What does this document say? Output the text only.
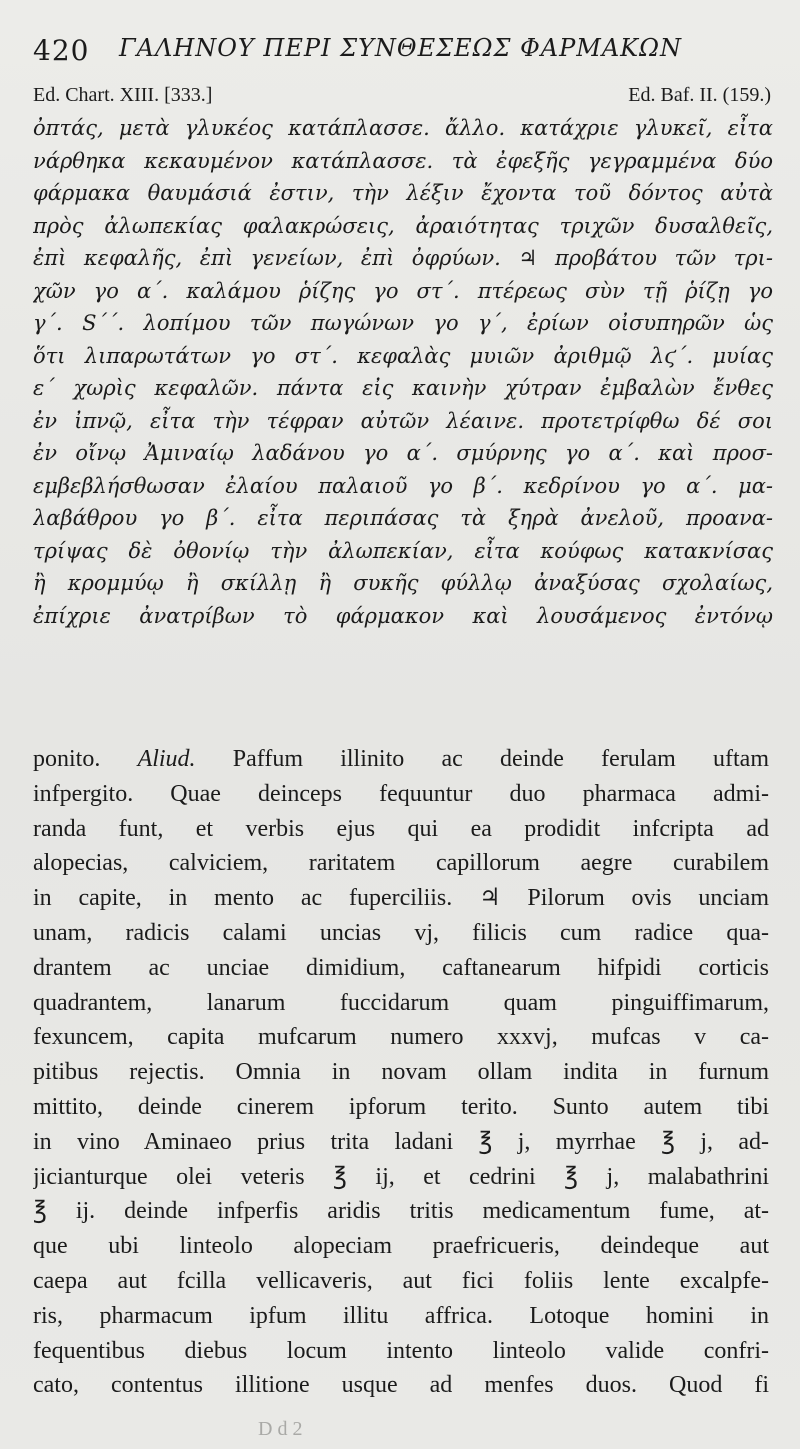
420 ΓΑΛΗΝΟΥ ΠΕΡΙ ΣΥΝΘΕΣΕΩΣ ΦΑΡΜΑΚΩΝ
Ed. Chart. XIII. [333.]	Ed. Baf. II. (159.)
ὀπτάς, μετὰ γλυκέος κατάπλασσε. ἄλλο. κατάχριε γλυκεῖ, εἶτα
νάρθηκα κεκαυμένον κατάπλασσε. τὰ ἐφεξῆς γεγραμμένα δύο
φάρμακα θαυμάσιά ἐστιν, τὴν λέξιν ἔχοντα τοῦ δόντος αὐτὰ
πρὸς ἀλωπεκίας φαλακρώσεις, ἀραιότητας τριχῶν δυσαλθεῖς,
ἐπὶ κεφαλῆς, ἐπὶ γενείων, ἐπὶ ὀφρύων. ♃ προβάτου τῶν τρι-
χῶν γο α΄. καλάμου ῥίζης γο στ΄. πτέρεως σὺν τῇ ῥίζῃ γο
γ΄. S΄΄. λοπίμου τῶν πωγώνων γο γ΄, ἐρίων οἰσυπηρῶν ὡς
ὅτι λιπαρωτάτων γο στ΄. κεφαλὰς μυιῶν ἀριθμῷ λϛ΄. μυίας
ε΄ χωρὶς κεφαλῶν. πάντα εἰς καινὴν χύτραν ἐμβαλὼν ἔνθες
ἐν ἰπνῷ, εἶτα τὴν τέφραν αὐτῶν λέαινε. προτετρίφθω δέ σοι
ἐν οἴνῳ Ἀμιναίῳ λαδάνου γο α΄. σμύρνης γο α΄. καὶ προσ-
εμβεβλήσθωσαν ἐλαίου παλαιοῦ γο β΄. κεδρίνου γο α΄. μα-
λαβάθρου γο β΄. εἶτα περιπάσας τὰ ξηρὰ ἀνελοῦ, προανα-
τρίψας δὲ ὀθονίῳ τὴν ἀλωπεκίαν, εἶτα κούφως κατακνίσας
ἢ κρομμύῳ ἢ σκίλλῃ ἢ συκῆς φύλλῳ ἀναξύσας σχολαίως,
ἐπίχριε ἀνατρίβων τὸ φάρμακον καὶ λουσάμενος ἐντόνῳ
ponito. Aliud. Paffum illinito ac deinde ferulam uftam
infpergito. Quae deinceps fequuntur duo pharmaca admi-
randa funt, et verbis ejus qui ea prodidit infcripta ad
alopecias, calviciem, raritatem capillorum aegre curabilem
in capite, in mento ac fuperciliis. ♃ Pilorum ovis unciam
unam, radicis calami uncias vj, filicis cum radice qua-
drantem ac unciae dimidium, caftanearum hifpidi corticis
quadrantem, lanarum fuccidarum quam pinguiffimarum,
fexuncem, capita mufcarum numero xxxvj, mufcas v ca-
pitibus rejectis. Omnia in novam ollam indita in furnum
mittito, deinde cinerem ipforum terito. Sunto autem tibi
in vino Aminaeo prius trita ladani ℥ j, myrrhae ℥ j, ad-
jicianturque olei veteris ℥ ij, et cedrini ℥ j, malabathrini
℥ ij. deinde infperfis aridis tritis medicamentum fume, at-
que ubi linteolo alopeciam praefricueris, deindeque aut
caepa aut fcilla vellicaveris, aut fici foliis lente excalpfe-
ris, pharmacum ipfum illitu affrica. Lotoque homini in
fequentibus diebus locum intento linteolo valide confri-
cato, contentus illitione usque ad menfes duos. Quod fi
D d 2
